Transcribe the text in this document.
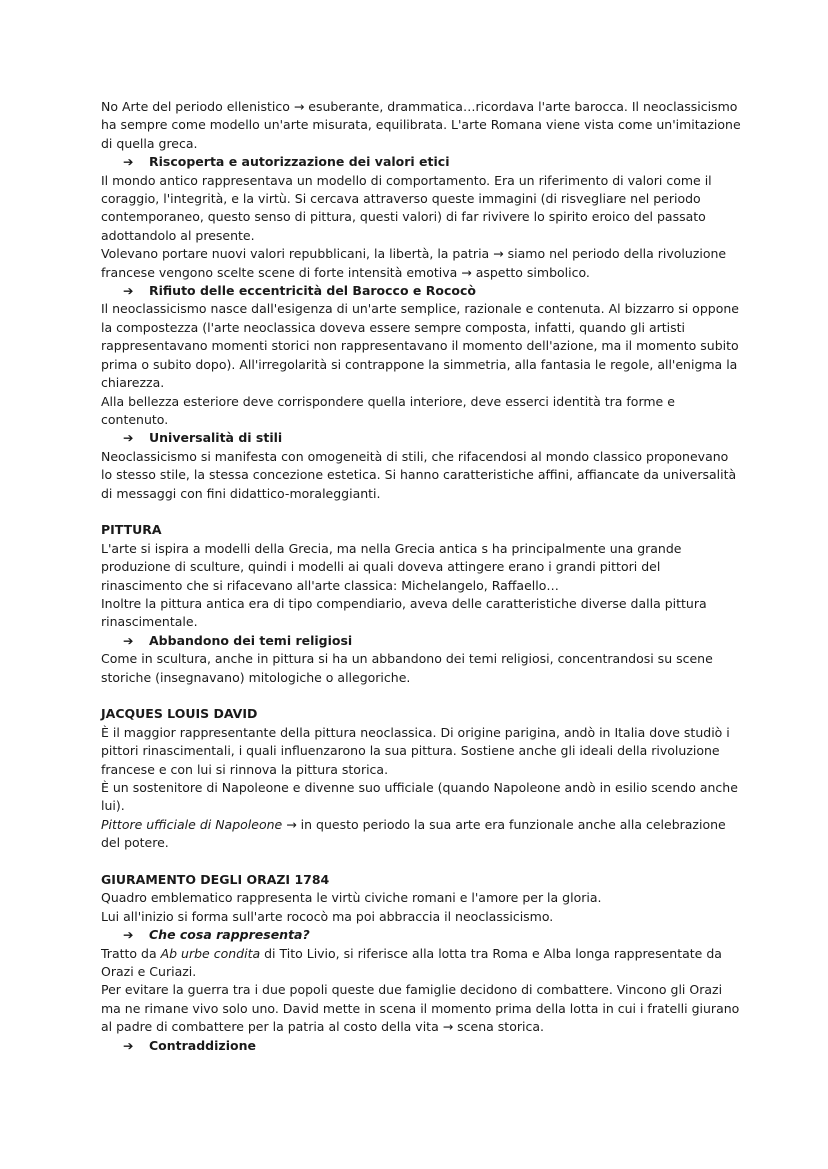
No Arte del periodo ellenistico → esuberante, drammatica…ricordava l'arte barocca. Il neoclassicismo ha sempre come modello un'arte misurata, equilibrata. L'arte Romana viene vista come un'imitazione di quella greca.

➔ Riscoperta e autorizzazione dei valori etici

Il mondo antico rappresentava un modello di comportamento. Era un riferimento di valori come il coraggio, l'integrità, e la virtù. Si cercava attraverso queste immagini (di risvegliare nel periodo contemporaneo, questo senso di pittura, questi valori) di far rivivere lo spirito eroico del passato adottandolo al presente.

Volevano portare nuovi valori repubblicani, la libertà, la patria → siamo nel periodo della rivoluzione francese vengono scelte scene di forte intensità emotiva → aspetto simbolico.

➔ Rifiuto delle eccentricità del Barocco e Rococò

Il neoclassicismo nasce dall'esigenza di un'arte semplice, razionale e contenuta. Al bizzarro si oppone la compostezza (l'arte neoclassica doveva essere sempre composta, infatti, quando gli artisti rappresentavano momenti storici non rappresentavano il momento dell'azione, ma il momento subito prima o subito dopo). All'irregolarità si contrappone la simmetria, alla fantasia le regole, all'enigma la chiarezza.

Alla bellezza esteriore deve corrispondere quella interiore, deve esserci identità tra forme e contenuto.

➔ Universalità di stili

Neoclassicismo si manifesta con omogeneità di stili, che rifacendosi al mondo classico proponevano lo stesso stile, la stessa concezione estetica. Si hanno caratteristiche affini, affiancate da universalità di messaggi con fini didattico-moraleggianti.

PITTURA

L'arte si ispira a modelli della Grecia, ma nella Grecia antica s ha principalmente una grande produzione di sculture, quindi i modelli ai quali doveva attingere erano i grandi pittori del rinascimento che si rifacevano all'arte classica: Michelangelo, Raffaello…

Inoltre la pittura antica era di tipo compendiario, aveva delle caratteristiche diverse dalla pittura rinascimentale.

➔ Abbandono dei temi religiosi

Come in scultura, anche in pittura si ha un abbandono dei temi religiosi, concentrandosi su scene storiche (insegnavano) mitologiche o allegoriche.

JACQUES LOUIS DAVID

È il maggior rappresentante della pittura neoclassica. Di origine parigina, andò in Italia dove studiò i pittori rinascimentali, i quali influenzarono la sua pittura. Sostiene anche gli ideali della rivoluzione francese e con lui si rinnova la pittura storica.

È un sostenitore di Napoleone e divenne suo ufficiale (quando Napoleone andò in esilio scendo anche lui).

Pittore ufficiale di Napoleone → in questo periodo la sua arte era funzionale anche alla celebrazione del potere.

GIURAMENTO DEGLI ORAZI 1784

Quadro emblematico rappresenta le virtù civiche romani e l'amore per la gloria.

Lui all'inizio si forma sull'arte rococò ma poi abbraccia il neoclassicismo.

➔ Che cosa rappresenta?

Tratto da Ab urbe condita di Tito Livio, si riferisce alla lotta tra Roma e Alba longa rappresentate da Orazi e Curiazi.

Per evitare la guerra tra i due popoli queste due famiglie decidono di combattere. Vincono gli Orazi ma ne rimane vivo solo uno. David mette in scena il momento prima della lotta in cui i fratelli giurano al padre di combattere per la patria al costo della vita → scena storica.

➔ Contraddizione
